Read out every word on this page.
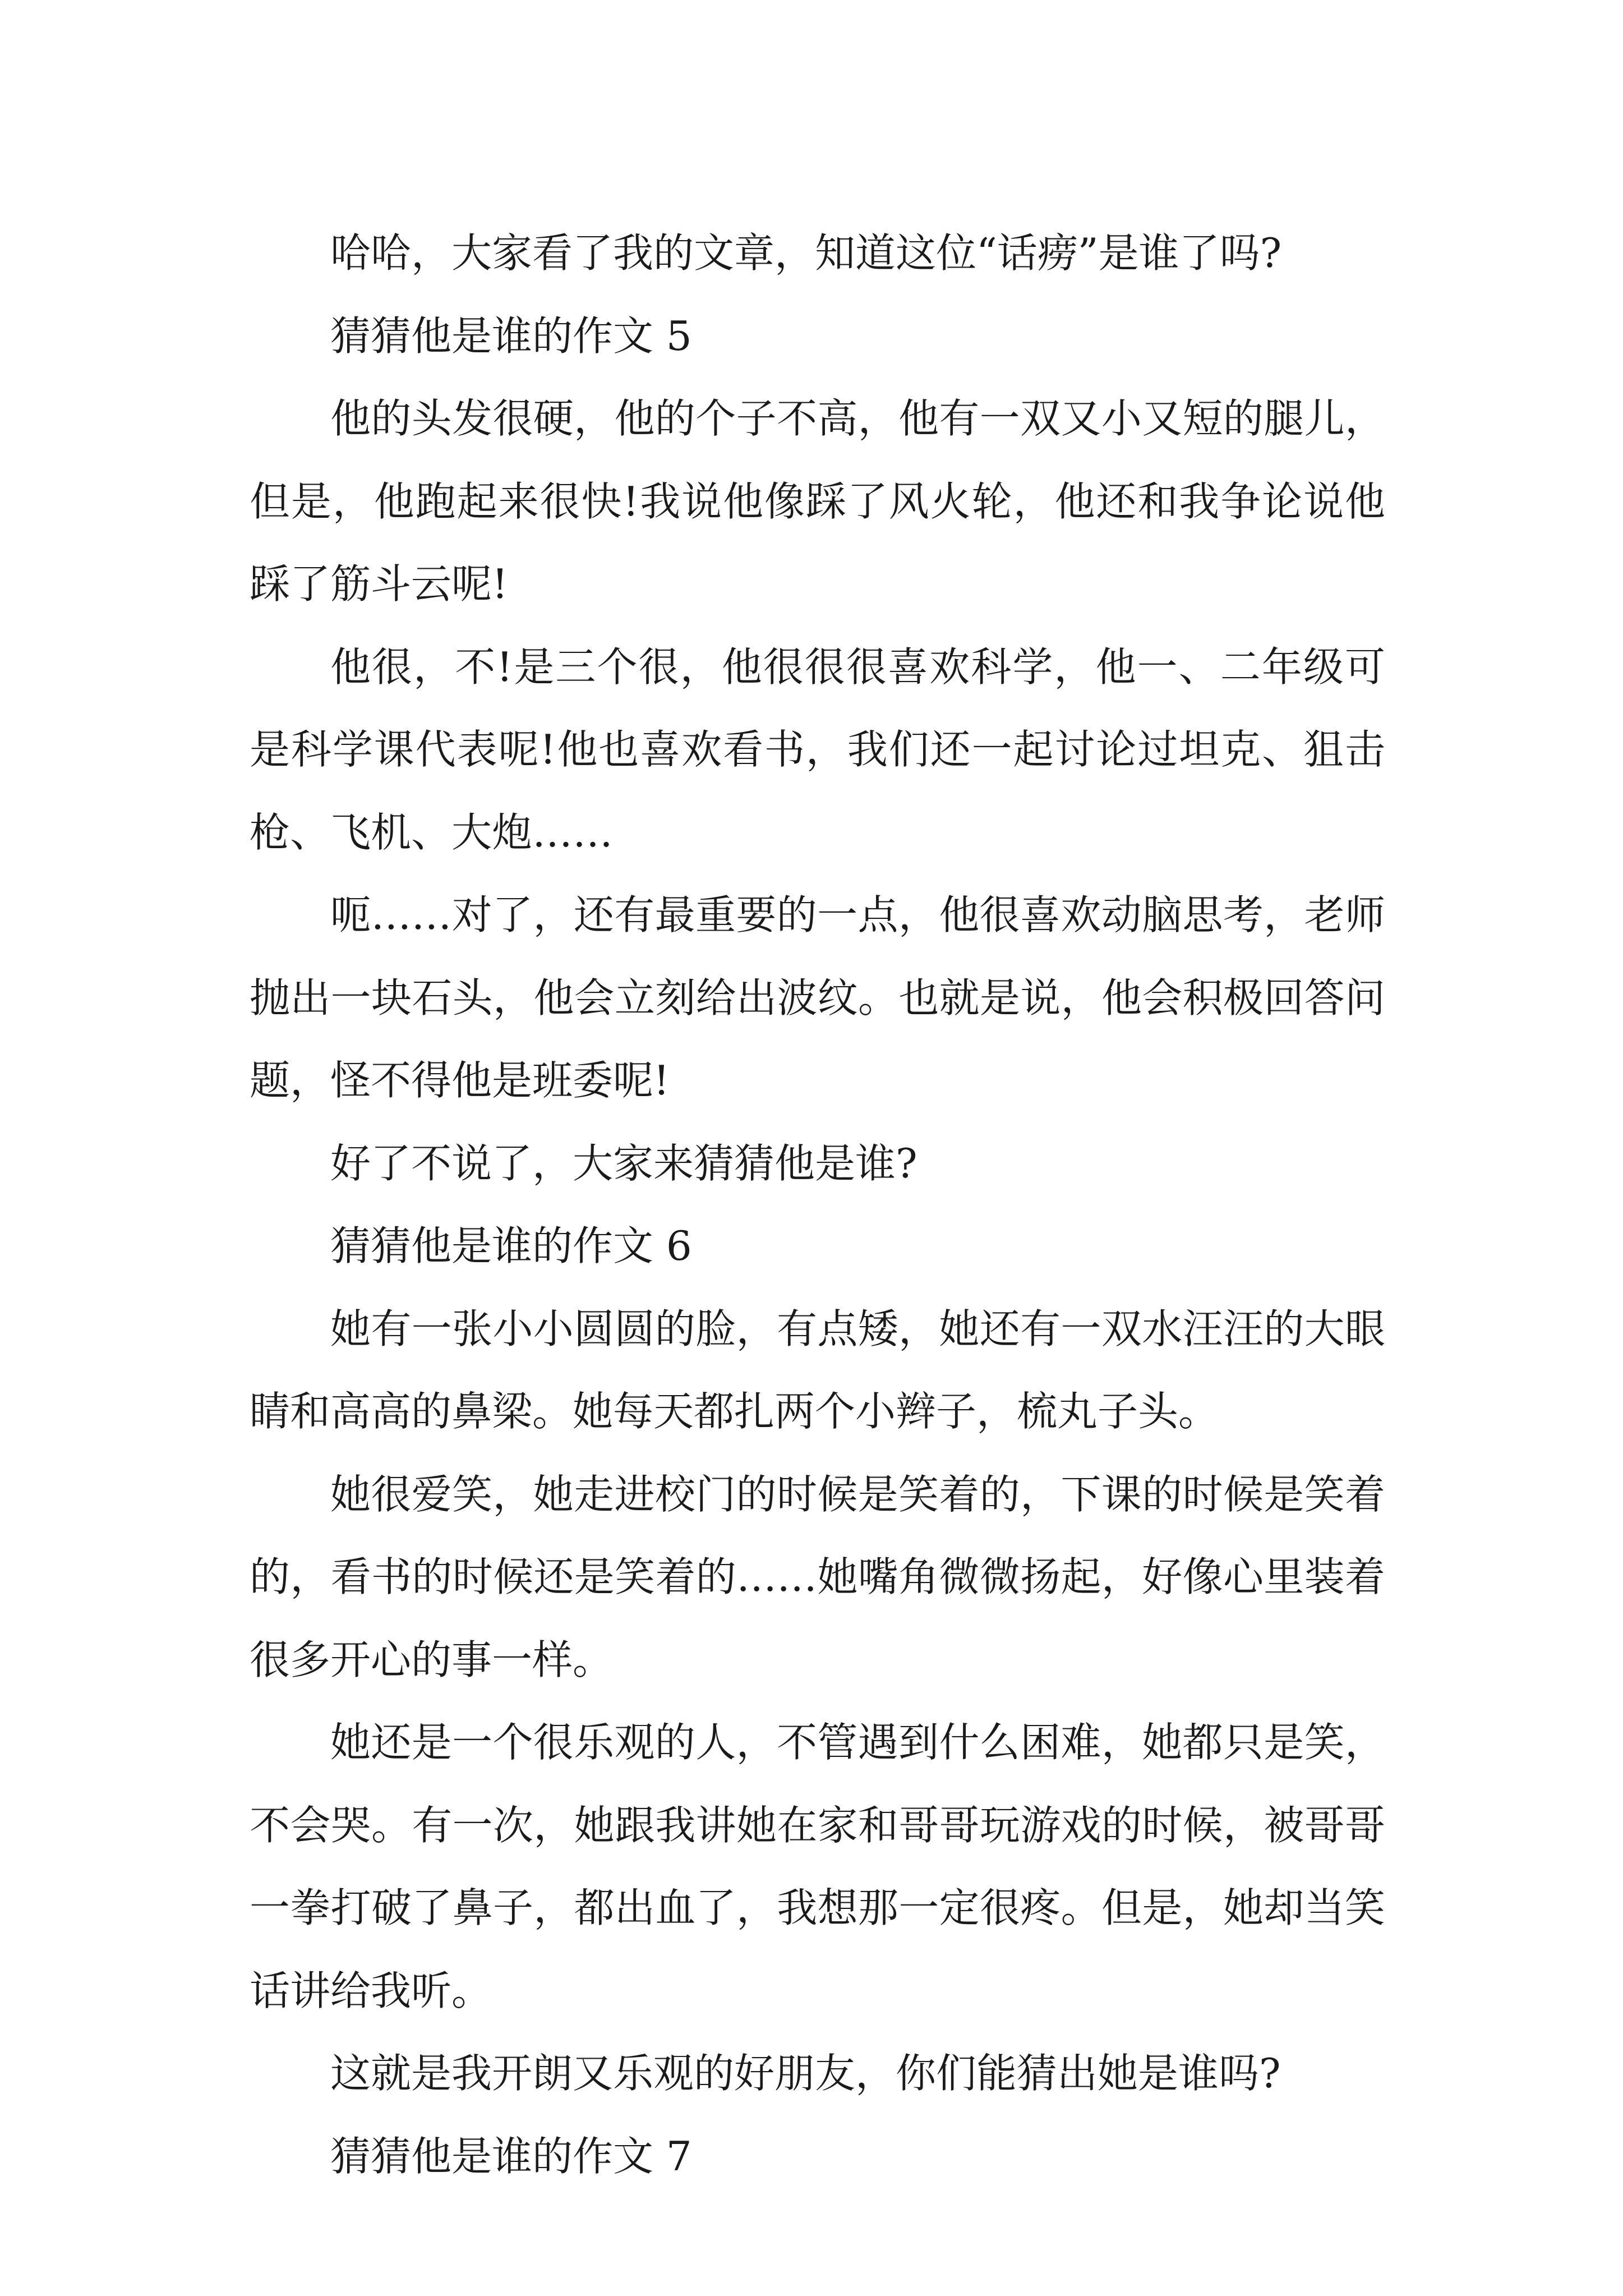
哈哈，大家看了我的文章，知道这位“话痨”是谁了吗?

猜猜他是谁的作文 5

他的头发很硬，他的个子不高，他有一双又小又短的腿儿，但是，他跑起来很快!我说他像踩了风火轮，他还和我争论说他踩了筋斗云呢!

他很，不!是三个很，他很很很喜欢科学，他一、二年级可是科学课代表呢!他也喜欢看书，我们还一起讨论过坦克、狙击枪、飞机、大炮……

呃……对了，还有最重要的一点，他很喜欢动脑思考，老师抛出一块石头，他会立刻给出波纹。也就是说，他会积极回答问题，怪不得他是班委呢!

好了不说了，大家来猜猜他是谁?

猜猜他是谁的作文 6

她有一张小小圆圆的脸，有点矮，她还有一双水汪汪的大眼睛和高高的鼻梁。她每天都扎两个小辫子，梳丸子头。

她很爱笑，她走进校门的时候是笑着的，下课的时候是笑着的，看书的时候还是笑着的……她嘴角微微扬起，好像心里装着很多开心的事一样。

她还是一个很乐观的人，不管遇到什么困难，她都只是笑，不会哭。有一次，她跟我讲她在家和哥哥玩游戏的时候，被哥哥一拳打破了鼻子，都出血了，我想那一定很疼。但是，她却当笑话讲给我听。

这就是我开朗又乐观的好朋友，你们能猜出她是谁吗?

猜猜他是谁的作文 7
